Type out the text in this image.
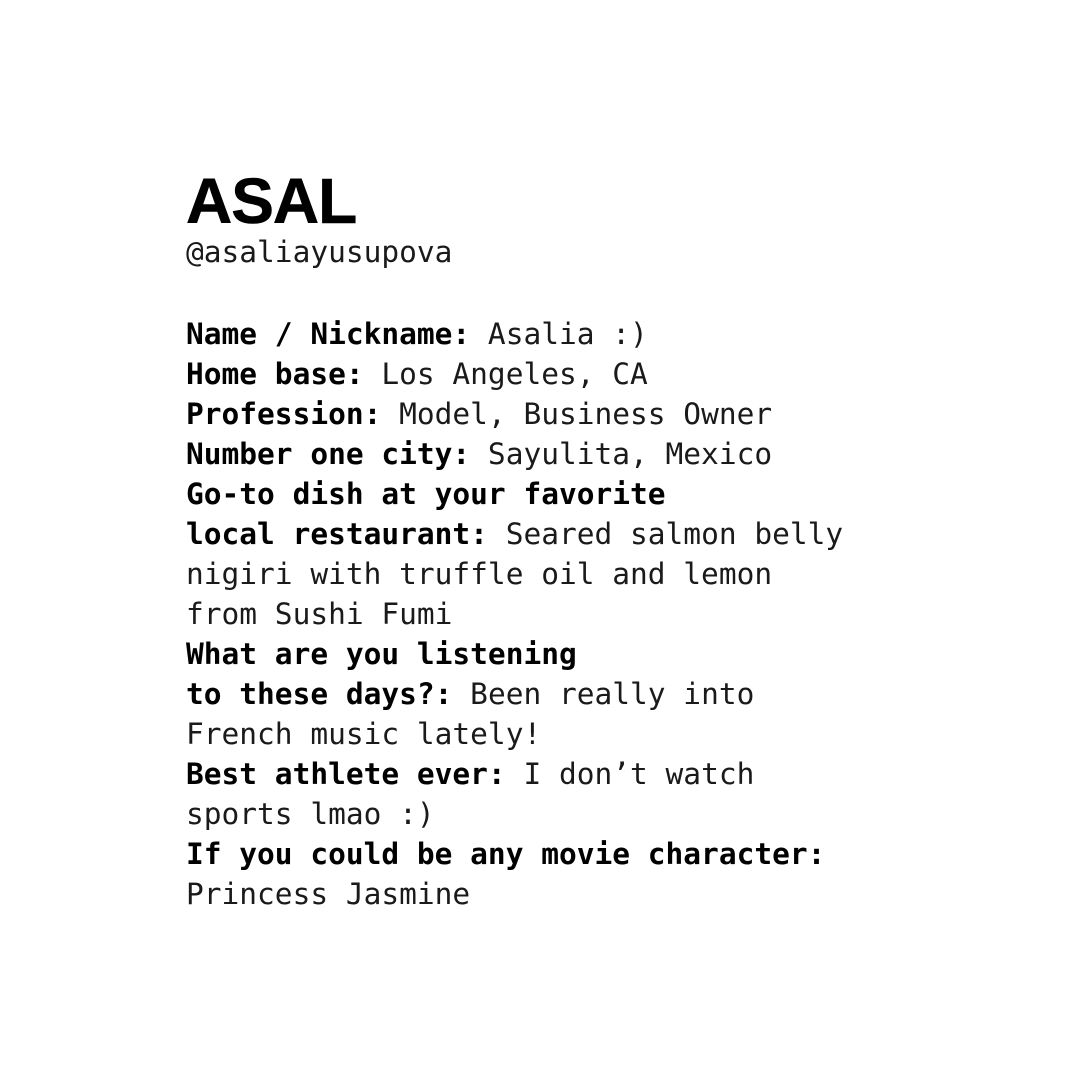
ASAL
@asaliayusupova
Name / Nickname: Asalia :)
Home base: Los Angeles, CA
Profession: Model, Business Owner
Number one city: Sayulita, Mexico
Go-to dish at your favorite
local restaurant: Seared salmon belly
nigiri with truffle oil and lemon
from Sushi Fumi
What are you listening
to these days?: Been really into
French music lately!
Best athlete ever: I don’t watch
sports lmao :)
If you could be any movie character:
Princess Jasmine
